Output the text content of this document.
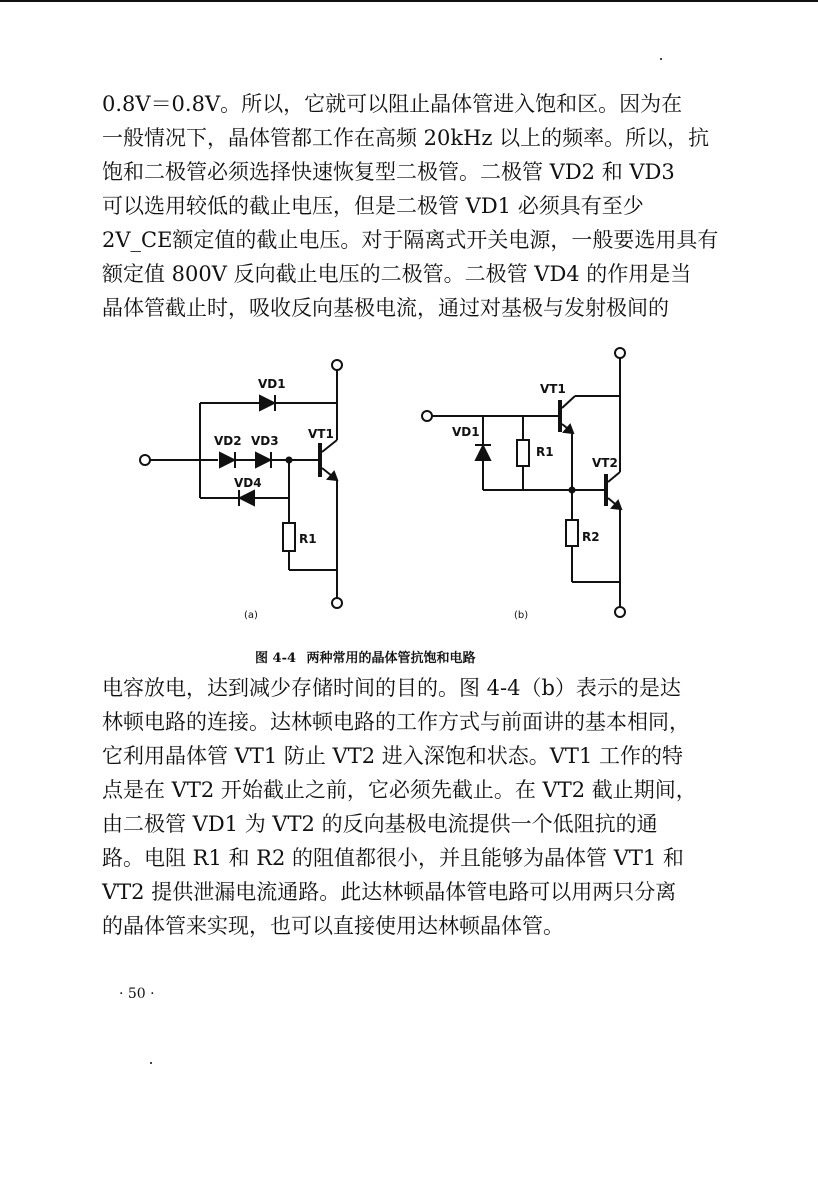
0.8V＝0.8V。所以，它就可以阻止晶体管进入饱和区。因为在
一般情况下，晶体管都工作在高频 20kHz 以上的频率。所以，抗
饱和二极管必须选择快速恢复型二极管。二极管 VD2 和 VD3
可以选用较低的截止电压，但是二极管 VD1 必须具有至少
2V_CE额定值的截止电压。对于隔离式开关电源，一般要选用具有
额定值 800V 反向截止电压的二极管。二极管 VD4 的作用是当
晶体管截止时，吸收反向基极电流，通过对基极与发射极间的
VD1
VD2 VD3 VT1
VD4
R1
(a)
VT1
VD1
R1
VT2
R2
(b)
图 4-4 两种常用的晶体管抗饱和电路
电容放电，达到减少存储时间的目的。图 4-4（b）表示的是达
林顿电路的连接。达林顿电路的工作方式与前面讲的基本相同，
它利用晶体管 VT1 防止 VT2 进入深饱和状态。VT1 工作的特
点是在 VT2 开始截止之前，它必须先截止。在 VT2 截止期间，
由二极管 VD1 为 VT2 的反向基极电流提供一个低阻抗的通
路。电阻 R1 和 R2 的阻值都很小，并且能够为晶体管 VT1 和
VT2 提供泄漏电流通路。此达林顿晶体管电路可以用两只分离
的晶体管来实现，也可以直接使用达林顿晶体管。
· 50 ·
